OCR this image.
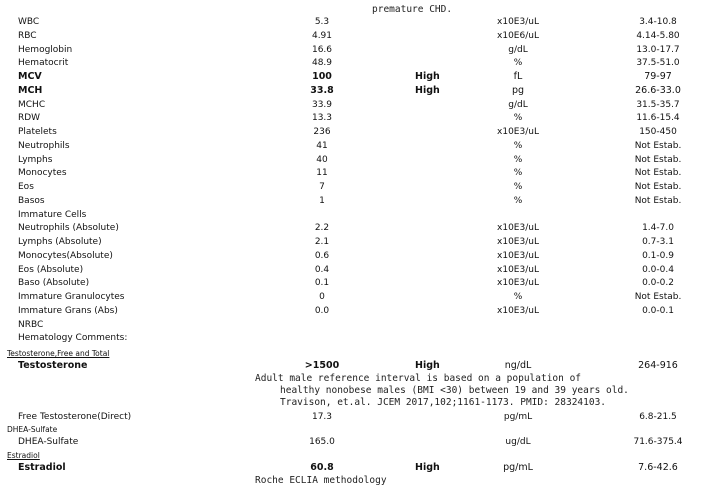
premature CHD.
WBC	5.3	x10E3/uL	3.4-10.8
RBC	4.91	x10E6/uL	4.14-5.80
Hemoglobin	16.6	g/dL	13.0-17.7
Hematocrit	48.9	%	37.5-51.0
MCV	100	High	fL	79-97
MCH	33.8	High	pg	26.6-33.0
MCHC	33.9	g/dL	31.5-35.7
RDW	13.3	%	11.6-15.4
Platelets	236	x10E3/uL	150-450
Neutrophils	41	%	Not Estab.
Lymphs	40	%	Not Estab.
Monocytes	11	%	Not Estab.
Eos	7	%	Not Estab.
Basos	1	%	Not Estab.
Immature Cells
Neutrophils (Absolute)	2.2	x10E3/uL	1.4-7.0
Lymphs (Absolute)	2.1	x10E3/uL	0.7-3.1
Monocytes(Absolute)	0.6	x10E3/uL	0.1-0.9
Eos (Absolute)	0.4	x10E3/uL	0.0-0.4
Baso (Absolute)	0.1	x10E3/uL	0.0-0.2
Immature Granulocytes	0	%	Not Estab.
Immature Grans (Abs)	0.0	x10E3/uL	0.0-0.1
NRBC
Hematology Comments:
Testosterone,Free and Total
Testosterone	>1500	High	ng/dL	264-916
Adult male reference interval is based on a population of
healthy nonobese males (BMI <30) between 19 and 39 years old.
Travison, et.al. JCEM 2017,102;1161-1173. PMID: 28324103.
Free Testosterone(Direct)	17.3	pg/mL	6.8-21.5
DHEA-Sulfate
DHEA-Sulfate	165.0	ug/dL	71.6-375.4
Estradiol
Estradiol	60.8	High	pg/mL	7.6-42.6
Roche ECLIA methodology
